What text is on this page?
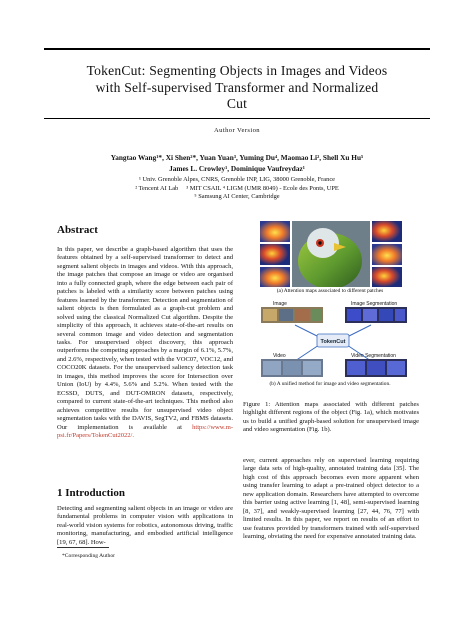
TokenCut: Segmenting Objects in Images and Videos
with Self-supervised Transformer and Normalized
Cut
Author Version
Yangtao Wang¹*, Xi Shen²*, Yuan Yuan³, Yuming Du⁴, Maomao Li², Shell Xu Hu⁵
James L. Crowley¹, Dominique Vaufreydaz¹
¹ Univ. Grenoble Alpes, CNRS, Grenoble INP, LIG, 38000 Grenoble, France
² Tencent AI Lab     ³ MIT CSAIL ⁴ LIGM (UMR 8049) - Ecole des Ponts, UPE
⁵ Samsung AI Center, Cambridge
Abstract
In this paper, we describe a graph-based algorithm that uses the features obtained by a self-supervised transformer to detect and segment salient objects in images and videos. With this approach, the image patches that compose an image or video are organised into a fully connected graph, where the edge between each pair of patches is labeled with a similarity score between patches using features learned by the transformer. Detection and segmentation of salient objects is then formulated as a graph-cut problem and solved using the classical Normalized Cut algorithm. Despite the simplicity of this approach, it achieves state-of-the-art results on several common image and video detection and segmentation tasks. For unsupervised object discovery, this approach outperforms the competing approaches by a margin of 6.1%, 5.7%, and 2.6%, respectively, when tested with the VOC07, VOC12, and COCO20K datasets. For the unsupervised saliency detection task in images, this method improves the score for Intersection over Union (IoU) by 4.4%, 5.6% and 5.2%. When tested with the ECSSD, DUTS, and DUT-OMRON datasets, respectively, compared to current state-of-the-art techniques. This method also achieves competitive results for unsupervised video object segmentation tasks with the DAVIS, SegTV2, and FBMS datasets. Our implementation is available at https://www.m-psi.fr/Papers/TokenCut2022/.
1 Introduction
Detecting and segmenting salient objects in an image or video are fundamental problems in computer vision with applications in real-world vision systems for robotics, autonomous driving, traffic monitoring, manufacturing, and embodied artificial intelligence [19, 67, 68]. How-
*Corresponding Author
(a) Attention maps associated to different patches
Image	Image Segmentation
TokenCut
Video	Video Segmentation
(b) A unified method for image and video segmentation.
Figure 1: Attention maps associated with different patches highlight different regions of the object (Fig. 1a), which motivates us to build a unified graph-based solution for unsupervised image and video segmentation (Fig. 1b).
ever, current approaches rely on supervised learning requiring large data sets of high-quality, annotated training data [35]. The high cost of this approach becomes even more apparent when using transfer learning to adapt a pre-trained object detector to a new application domain. Researchers have attempted to overcome this barrier using active learning [1, 48], semi-supervised learning [8, 37], and weakly-supervised learning [27, 44, 76, 77] with limited results. In this paper, we report on results of an effort to use features provided by transformers trained with self-supervised learning, obviating the need for expensive annotated training data.
